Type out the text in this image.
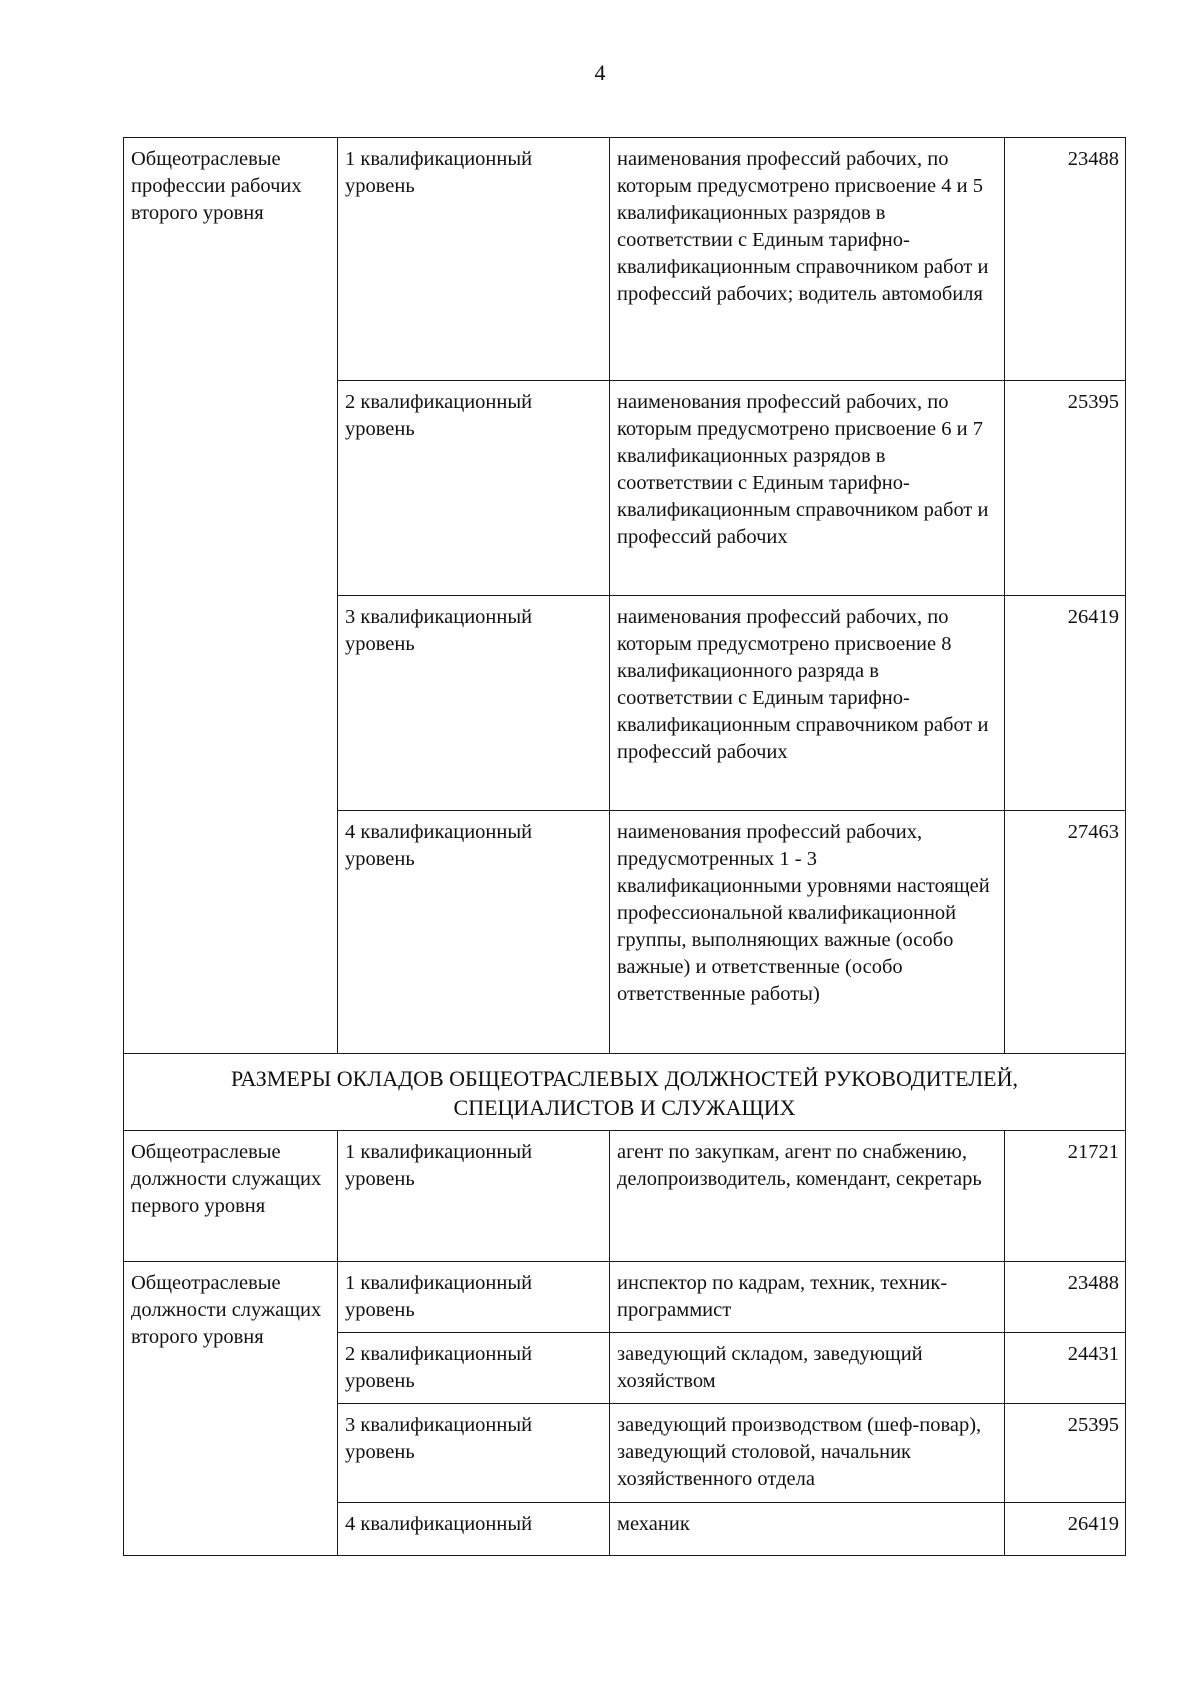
4
Общеотраслевые профессии рабочих второго уровня	1 квалификационный уровень	наименования профессий рабочих, по которым предусмотрено присвоение 4 и 5 квалификационных разрядов в соответствии с Единым тарифно-квалификационным справочником работ и профессий рабочих; водитель автомобиля	23488
	2 квалификационный уровень	наименования профессий рабочих, по которым предусмотрено присвоение 6 и 7 квалификационных разрядов в соответствии с Единым тарифно-квалификационным справочником работ и профессий рабочих	25395
	3 квалификационный уровень	наименования профессий рабочих, по которым предусмотрено присвоение 8 квалификационного разряда в соответствии с Единым тарифно-квалификационным справочником работ и профессий рабочих	26419
	4 квалификационный уровень	наименования профессий рабочих, предусмотренных 1 - 3 квалификационными уровнями настоящей профессиональной квалификационной группы, выполняющих важные (особо важные) и ответственные (особо ответственные работы)	27463
РАЗМЕРЫ ОКЛАДОВ ОБЩЕОТРАСЛЕВЫХ ДОЛЖНОСТЕЙ РУКОВОДИТЕЛЕЙ, СПЕЦИАЛИСТОВ И СЛУЖАЩИХ			
Общеотраслевые должности служащих первого уровня	1 квалификационный уровень	агент по закупкам, агент по снабжению, делопроизводитель, комендант, секретарь	21721
Общеотраслевые должности служащих второго уровня	1 квалификационный уровень	инспектор по кадрам, техник, техник-программист	23488
	2 квалификационный уровень	заведующий складом, заведующий хозяйством	24431
	3 квалификационный уровень	заведующий производством (шеф-повар), заведующий столовой, начальник хозяйственного отдела	25395
	4 квалификационный	механик	26419
